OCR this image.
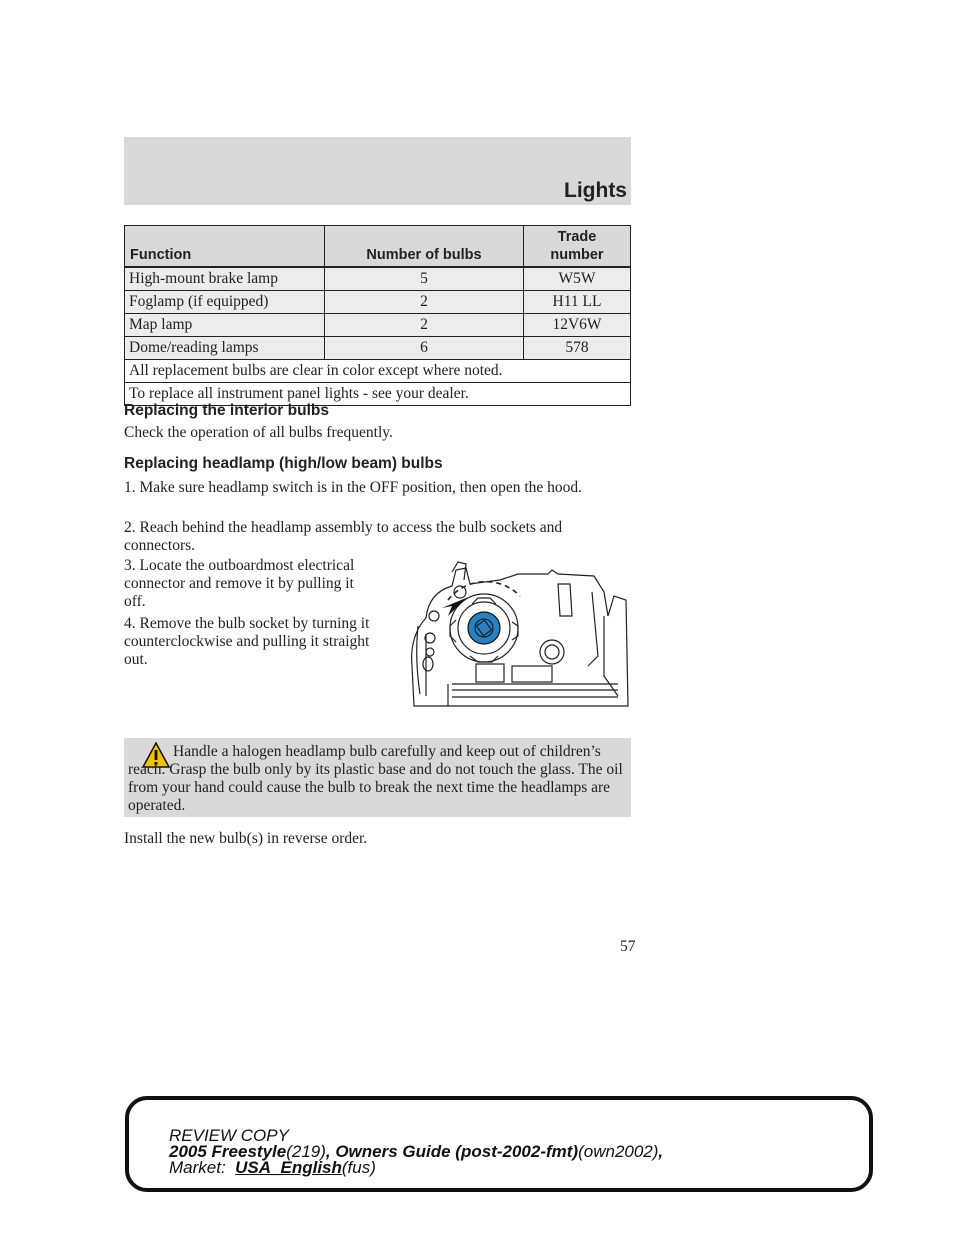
Lights
Function	Number of bulbs	Trade number
High-mount brake lamp	5	W5W
Foglamp (if equipped)	2	H11 LL
Map lamp	2	12V6W
Dome/reading lamps	6	578
All replacement bulbs are clear in color except where noted.		
To replace all instrument panel lights - see your dealer.		
Replacing the interior bulbs
Check the operation of all bulbs frequently.
Replacing headlamp (high/low beam) bulbs
1. Make sure headlamp switch is in the OFF position, then open the hood.
2. Reach behind the headlamp assembly to access the bulb sockets and connectors.
3. Locate the outboardmost electrical connector and remove it by pulling it off.
4. Remove the bulb socket by turning it counterclockwise and pulling it straight out.
Handle a halogen headlamp bulb carefully and keep out of children’s reach. Grasp the bulb only by its plastic base and do not touch the glass. The oil from your hand could cause the bulb to break the next time the headlamps are operated.
Install the new bulb(s) in reverse order.
57
REVIEW COPY
2005 Freestyle(219), Owners Guide (post-2002-fmt)(own2002),
Market: USA_English(fus)
